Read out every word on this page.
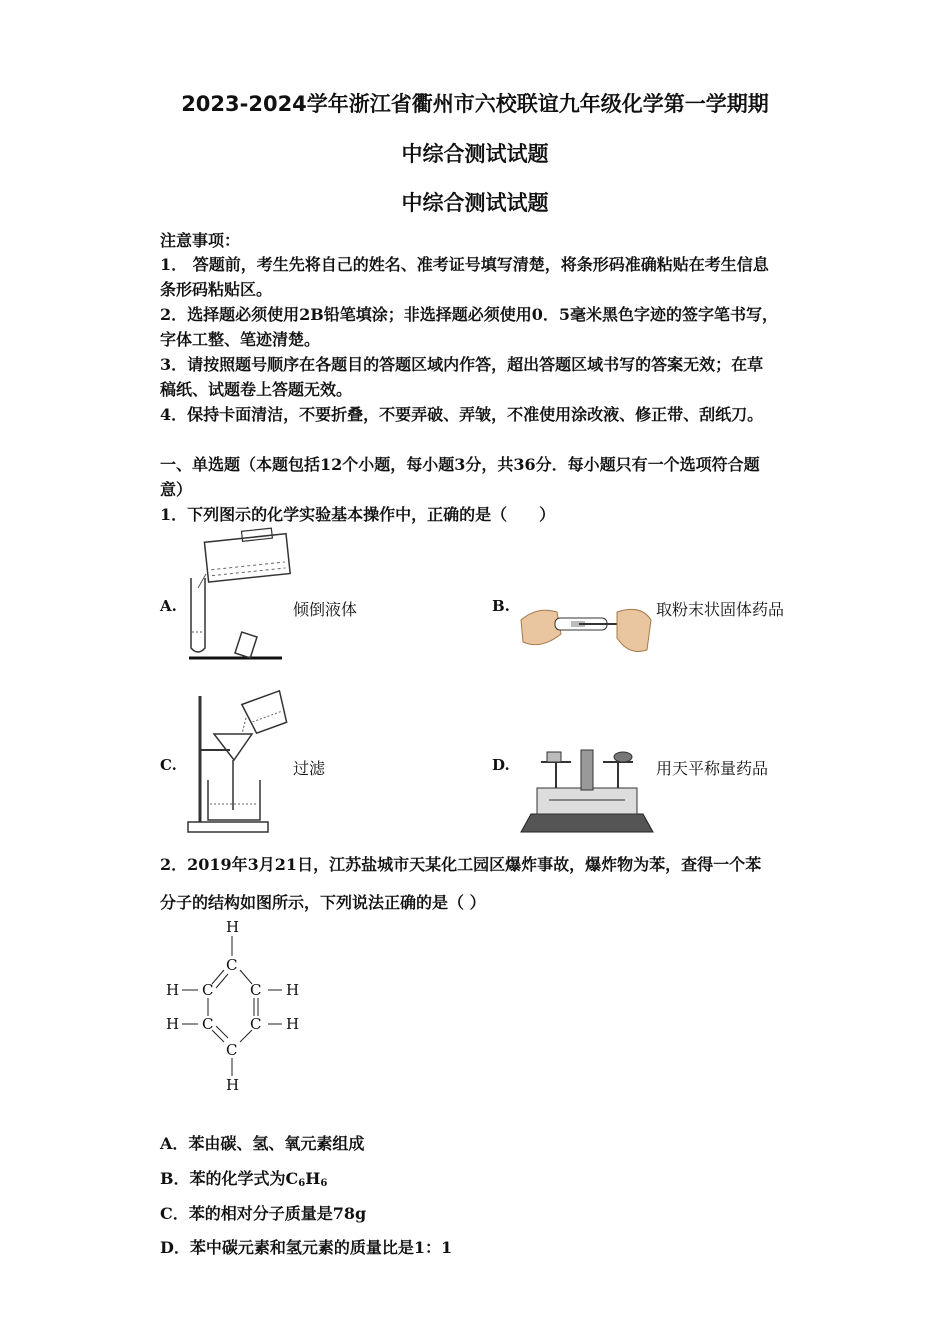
2023-2024学年浙江省衢州市六校联谊九年级化学第一学期期
中综合测试试题
中综合测试试题
注意事项：
1． 答题前，考生先将自己的姓名、准考证号填写清楚，将条形码准确粘贴在考生信息
条形码粘贴区。
2．选择题必须使用2B铅笔填涂；非选择题必须使用0．5毫米黑色字迹的签字笔书写，
字体工整、笔迹清楚。
3．请按照题号顺序在各题目的答题区域内作答，超出答题区域书写的答案无效；在草
稿纸、试题卷上答题无效。
4．保持卡面清洁，不要折叠，不要弄破、弄皱，不准使用涂改液、修正带、刮纸刀。
一、单选题（本题包括12个小题，每小题3分，共36分．每小题只有一个选项符合题
意）
1．下列图示的化学实验基本操作中，正确的是（　　）
A.	倾倒液体	B.	取粉末状固体药品
C.	过滤	D.	用天平称量药品
2．2019年3月21日，江苏盐城市天某化工园区爆炸事故，爆炸物为苯，查得一个苯
分子的结构如图所示，下列说法正确的是（ ）
H
C
H C C H
H C C H
C
H
A．苯由碳、氢、氧元素组成
B．苯的化学式为$C_6H_6$
C．苯的相对分子质量是78g
D．苯中碳元素和氢元素的质量比是1：1
